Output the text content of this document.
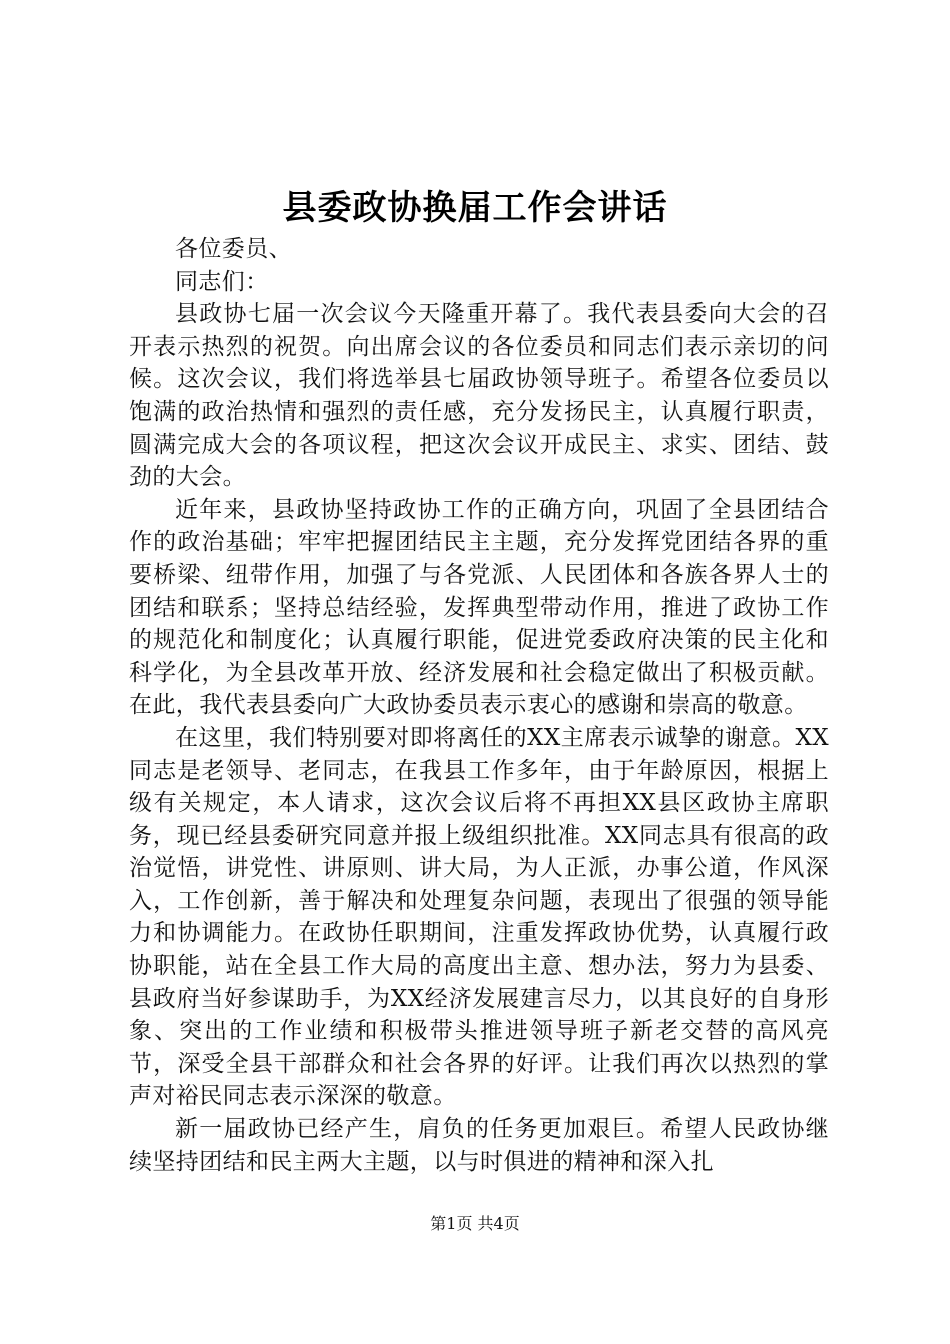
县委政协换届工作会讲话

各位委员、

同志们：

县政协七届一次会议今天隆重开幕了。我代表县委向大会的召开表示热烈的祝贺。向出席会议的各位委员和同志们表示亲切的问候。这次会议，我们将选举县七届政协领导班子。希望各位委员以饱满的政治热情和强烈的责任感，充分发扬民主，认真履行职责，圆满完成大会的各项议程，把这次会议开成民主、求实、团结、鼓劲的大会。

近年来，县政协坚持政协工作的正确方向，巩固了全县团结合作的政治基础；牢牢把握团结民主主题，充分发挥党团结各界的重要桥梁、纽带作用，加强了与各党派、人民团体和各族各界人士的团结和联系；坚持总结经验，发挥典型带动作用，推进了政协工作的规范化和制度化；认真履行职能，促进党委政府决策的民主化和科学化，为全县改革开放、经济发展和社会稳定做出了积极贡献。在此，我代表县委向广大政协委员表示衷心的感谢和崇高的敬意。

在这里，我们特别要对即将离任的XX主席表示诚挚的谢意。XX同志是老领导、老同志，在我县工作多年，由于年龄原因，根据上级有关规定，本人请求，这次会议后将不再担XX县区政协主席职务，现已经县委研究同意并报上级组织批准。XX同志具有很高的政治觉悟，讲党性、讲原则、讲大局，为人正派，办事公道，作风深入，工作创新，善于解决和处理复杂问题，表现出了很强的领导能力和协调能力。在政协任职期间，注重发挥政协优势，认真履行政协职能，站在全县工作大局的高度出主意、想办法，努力为县委、县政府当好参谋助手，为XX经济发展建言尽力，以其良好的自身形象、突出的工作业绩和积极带头推进领导班子新老交替的高风亮节，深受全县干部群众和社会各界的好评。让我们再次以热烈的掌声对裕民同志表示深深的敬意。

新一届政协已经产生，肩负的任务更加艰巨。希望人民政协继续坚持团结和民主两大主题，以与时俱进的精神和深入扎

第1页 共4页
